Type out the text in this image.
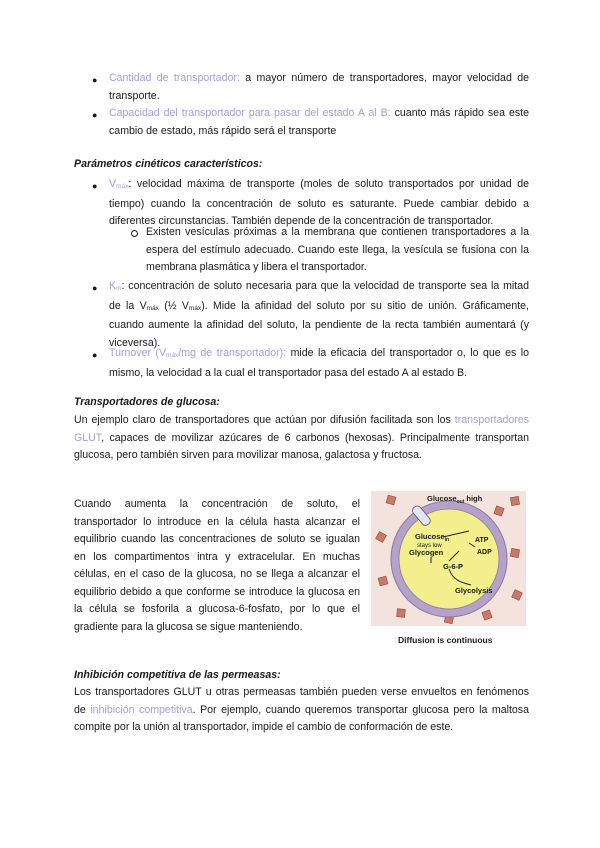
● Cantidad de transportador: a mayor número de transportadores, mayor velocidad de transporte.
● Capacidad del transportador para pasar del estado A al B: cuanto más rápido sea este cambio de estado, más rápido será el transporte
Parámetros cinéticos característicos:
● Vmáx: velocidad máxima de transporte (moles de soluto transportados por unidad de tiempo) cuando la concentración de soluto es saturante. Puede cambiar debido a diferentes circunstancias. También depende de la concentración de transportador.
Existen vesículas próximas a la membrana que contienen transportadores a la espera del estímulo adecuado. Cuando este llega, la vesícula se fusiona con la membrana plasmática y libera el transportador.
● Km: concentración de soluto necesaria para que la velocidad de transporte sea la mitad de la Vmáx (½ Vmáx). Mide la afinidad del soluto por su sitio de unión. Gráficamente, cuando aumente la afinidad del soluto, la pendiente de la recta también aumentará (y viceversa).
● Turnover (Vmáx/mg de transportador): mide la eficacia del transportador o, lo que es lo mismo, la velocidad a la cual el transportador pasa del estado A al estado B.
Transportadores de glucosa:
Un ejemplo claro de transportadores que actúan por difusión facilitada son los transportadores GLUT, capaces de movilizar azúcares de 6 carbonos (hexosas). Principalmente transportan glucosa, pero también sirven para movilizar manosa, galactosa y fructosa.
Cuando aumenta la concentración de soluto, el transportador lo introduce en la célula hasta alcanzar el equilibrio cuando las concentraciones de soluto se igualan en los compartimentos intra y extracelular. En muchas células, en el caso de la glucosa, no se llega a alcanzar el equilibrio debido a que conforme se introduce la glucosa en la célula se fosforila a glucosa-6-fosfato, por lo que el gradiente para la glucosa se sigue manteniendo.
Glucose$_{out}$ high
Glucose$_{in}$
stays low
ATP
ADP
Glycogen
G-6-P
Glycolysis
Diffusion is continuous
Inhibición competitiva de las permeasas:
Los transportadores GLUT u otras permeasas también pueden verse envueltos en fenómenos de inhibición competitiva. Por ejemplo, cuando queremos transportar glucosa pero la maltosa compite por la unión al transportador, impide el cambio de conformación de este.
